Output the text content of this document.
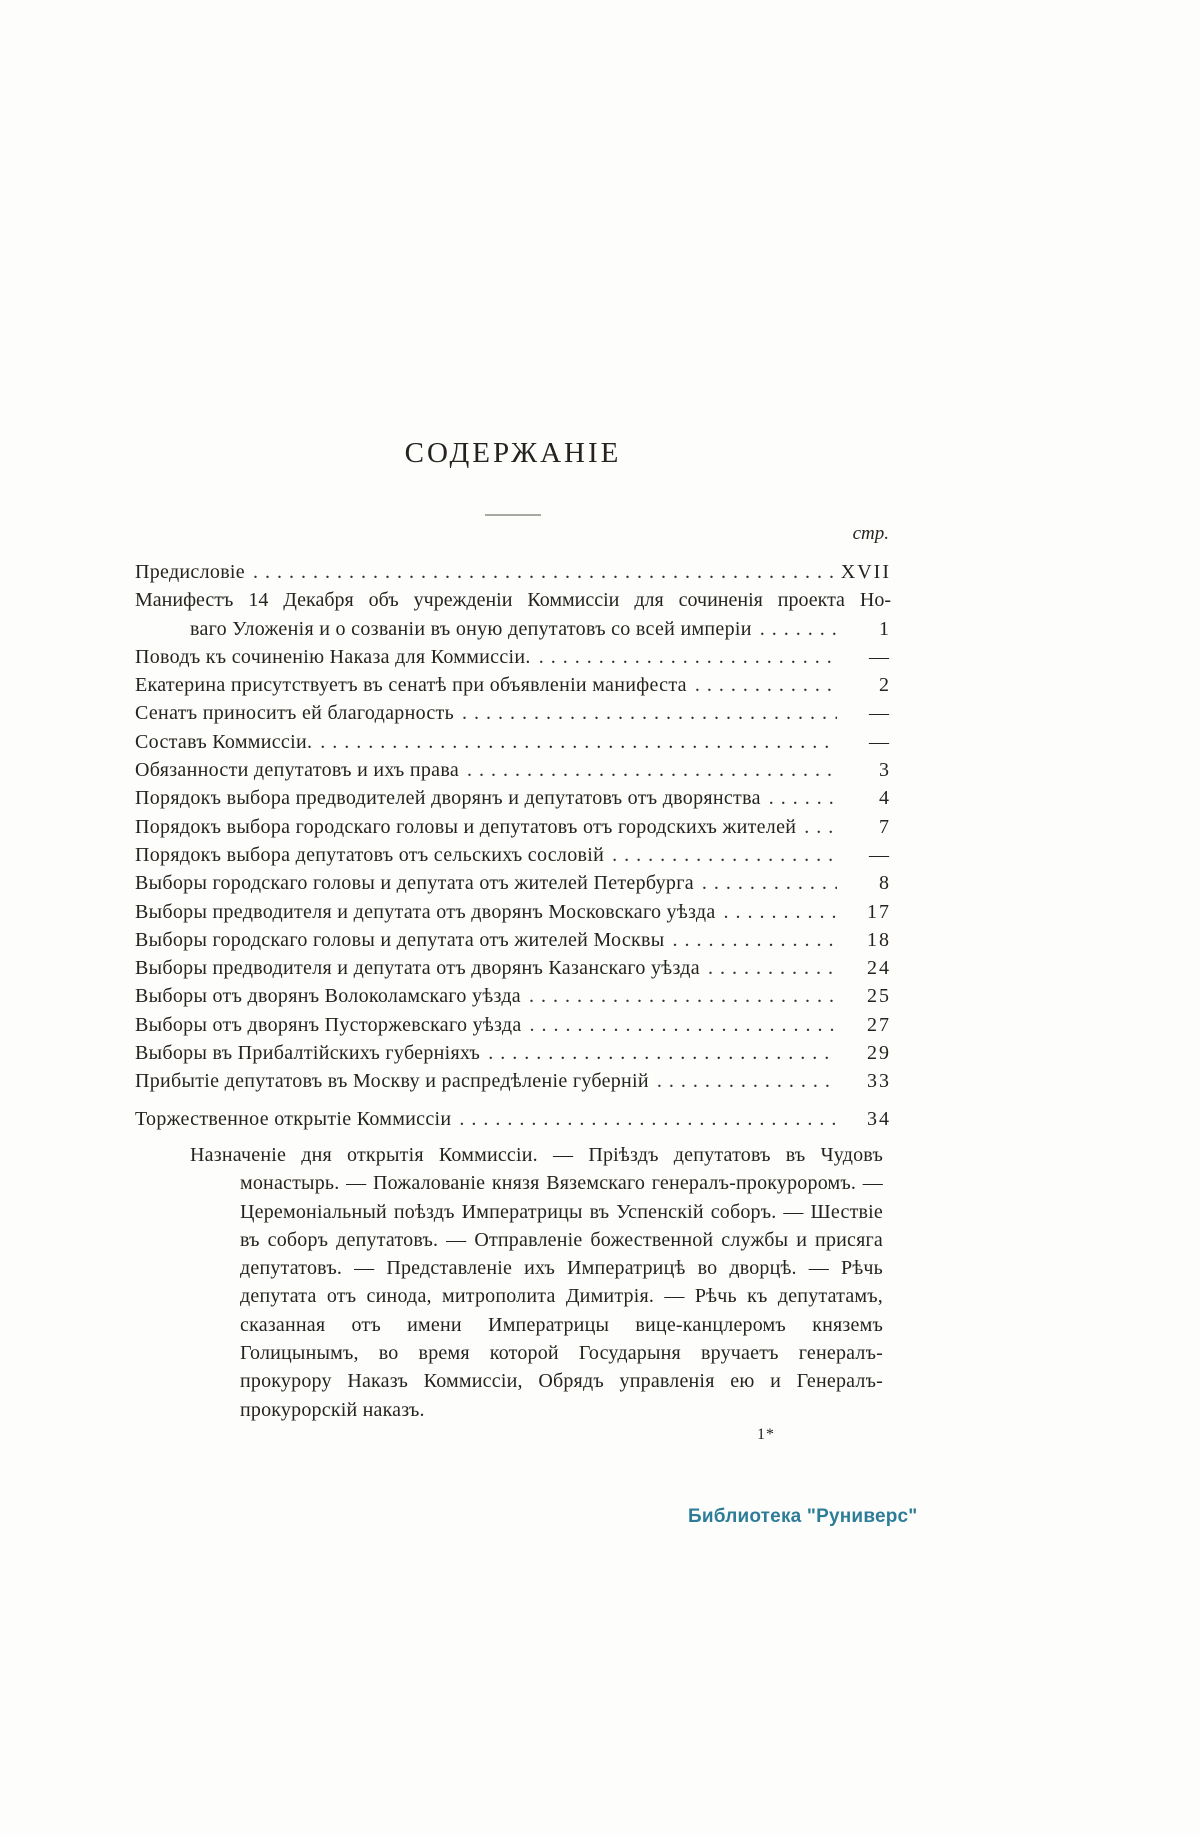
СОДЕРЖАНІЕ
стр.
Предисловіе .....	XVII
Манифестъ 14 Декабря объ учрежденіи Коммиссіи для сочиненія проекта Но-
ваго Уложенія и о созваніи въ оную депутатовъ со всей имперіи .....	1
Поводъ къ сочиненію Наказа для Коммиссіи. .....	—
Екатерина присутствуетъ въ сенатѣ при объявленіи манифеста .....	2
Сенатъ приноситъ ей благодарность .....	—
Составъ Коммиссіи. .....	—
Обязанности депутатовъ и ихъ права .....	3
Порядокъ выбора предводителей дворянъ и депутатовъ отъ дворянства .....	4
Порядокъ выбора городскаго головы и депутатовъ отъ городскихъ жителей .....	7
Порядокъ выбора депутатовъ отъ сельскихъ сословій .....	—
Выборы городскаго головы и депутата отъ жителей Петербурга .....	8
Выборы предводителя и депутата отъ дворянъ Московскаго уѣзда .....	17
Выборы городскаго головы и депутата отъ жителей Москвы .....	18
Выборы предводителя и депутата отъ дворянъ Казанскаго уѣзда .....	24
Выборы отъ дворянъ Волоколамскаго уѣзда .....	25
Выборы отъ дворянъ Пусторжевскаго уѣзда .....	27
Выборы въ Прибалтійскихъ губерніяхъ .....	29
Прибытіе депутатовъ въ Москву и распредѣленіе губерній .....	33
Торжественное открытіе Коммиссіи .....	34
Назначеніе дня открытія Коммиссіи. — Пріѣздъ депутатовъ въ Чудовъ монастырь. — Пожалованіе князя Вяземскаго генералъ-прокуроромъ. — Церемоніальный поѣздъ Императрицы въ Успенскій соборъ. — Шествіе въ соборъ депутатовъ. — Отправленіе божественной службы и присяга депутатовъ. — Представленіе ихъ Императрицѣ во дворцѣ. — Рѣчь депутата отъ синода, митрополита Димитрія. — Рѣчь къ депутатамъ, сказанная отъ имени Императрицы вице-канцлеромъ княземъ Голицынымъ, во время которой Государыня вручаетъ генералъ-прокурору Наказъ Коммиссіи, Обрядъ управленія ею и Генералъ-прокурорскій наказъ.
1*
Библиотека "Руниверс"
